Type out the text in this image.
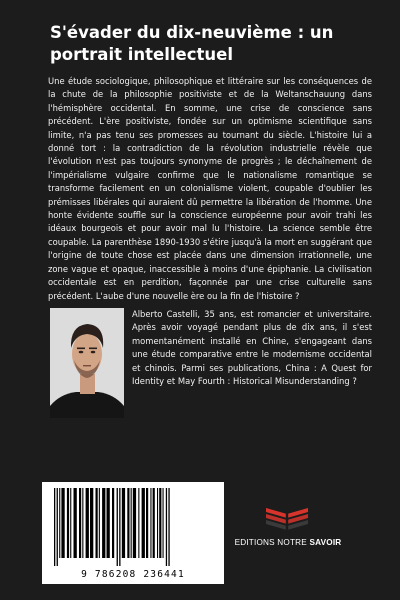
S'évader du dix-neuvième : un portrait intellectuel

Une étude sociologique, philosophique et littéraire sur les conséquences de la chute de la philosophie positiviste et de la Weltanschauung dans l'hémisphère occidental. En somme, une crise de conscience sans précédent. L'ère positiviste, fondée sur un optimisme scientifique sans limite, n'a pas tenu ses promesses au tournant du siècle. L'histoire lui a donné tort : la contradiction de la révolution industrielle révèle que l'évolution n'est pas toujours synonyme de progrès ; le déchaînement de l'impérialisme vulgaire confirme que le nationalisme romantique se transforme facilement en un colonialisme violent, coupable d'oublier les prémisses libérales qui auraient dû permettre la libération de l'homme. Une honte évidente souffle sur la conscience européenne pour avoir trahi les idéaux bourgeois et pour avoir mal lu l'histoire. La science semble être coupable. La parenthèse 1890-1930 s'étire jusqu'à la mort en suggérant que l'origine de toute chose est placée dans une dimension irrationnelle, une zone vague et opaque, inaccessible à moins d'une épiphanie. La civilisation occidentale est en perdition, façonnée par une crise culturelle sans précédent. L'aube d'une nouvelle ère ou la fin de l'histoire ?

Alberto Castelli, 35 ans, est romancier et universitaire. Après avoir voyagé pendant plus de dix ans, il s'est momentanément installé en Chine, s'engageant dans une étude comparative entre le modernisme occidental et chinois. Parmi ses publications, China : A Quest for Identity et May Fourth : Historical Misunderstanding ?

9 786208 236441
EDITIONS NOTRE SAVOIR
